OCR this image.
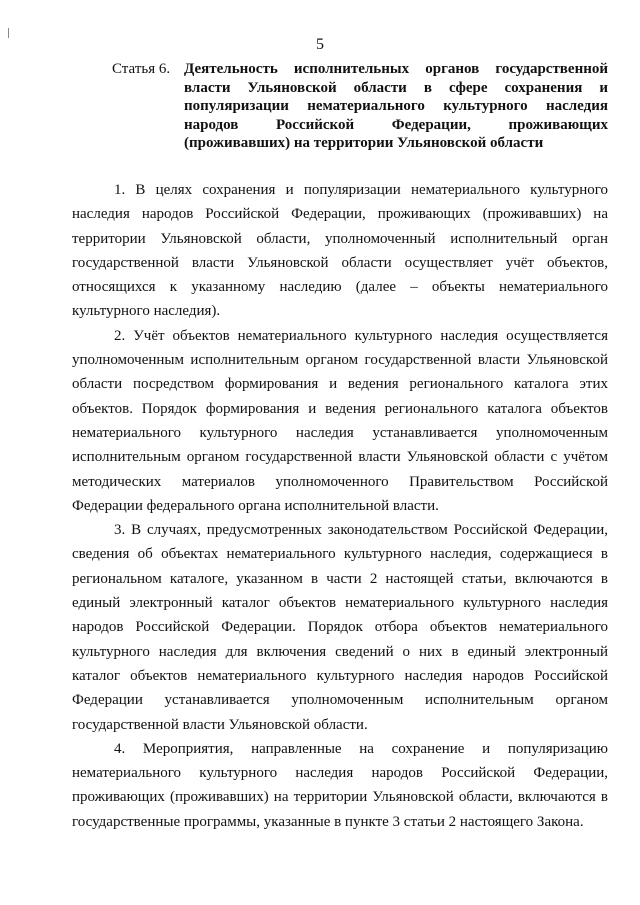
5
Статья 6. Деятельность исполнительных органов государственной власти Ульяновской области в сфере сохранения и популяризации нематериального культурного наследия народов Российской Федерации, проживающих (проживавших) на территории Ульяновской области

1. В целях сохранения и популяризации нематериального культурного наследия народов Российской Федерации, проживающих (проживавших) на территории Ульяновской области, уполномоченный исполнительный орган государственной власти Ульяновской области осуществляет учёт объектов, относящихся к указанному наследию (далее – объекты нематериального культурного наследия).

2. Учёт объектов нематериального культурного наследия осуществляется уполномоченным исполнительным органом государственной власти Ульяновской области посредством формирования и ведения регионального каталога этих объектов. Порядок формирования и ведения регионального каталога объектов нематериального культурного наследия устанавливается уполномоченным исполнительным органом государственной власти Ульяновской области с учётом методических материалов уполномоченного Правительством Российской Федерации федерального органа исполнительной власти.

3. В случаях, предусмотренных законодательством Российской Федерации, сведения об объектах нематериального культурного наследия, содержащиеся в региональном каталоге, указанном в части 2 настоящей статьи, включаются в единый электронный каталог объектов нематериального культурного наследия народов Российской Федерации. Порядок отбора объектов нематериального культурного наследия для включения сведений о них в единый электронный каталог объектов нематериального культурного наследия народов Российской Федерации устанавливается уполномоченным исполнительным органом государственной власти Ульяновской области.

4. Мероприятия, направленные на сохранение и популяризацию нематериального культурного наследия народов Российской Федерации, проживающих (проживавших) на территории Ульяновской области, включаются в государственные программы, указанные в пункте 3 статьи 2 настоящего Закона.
